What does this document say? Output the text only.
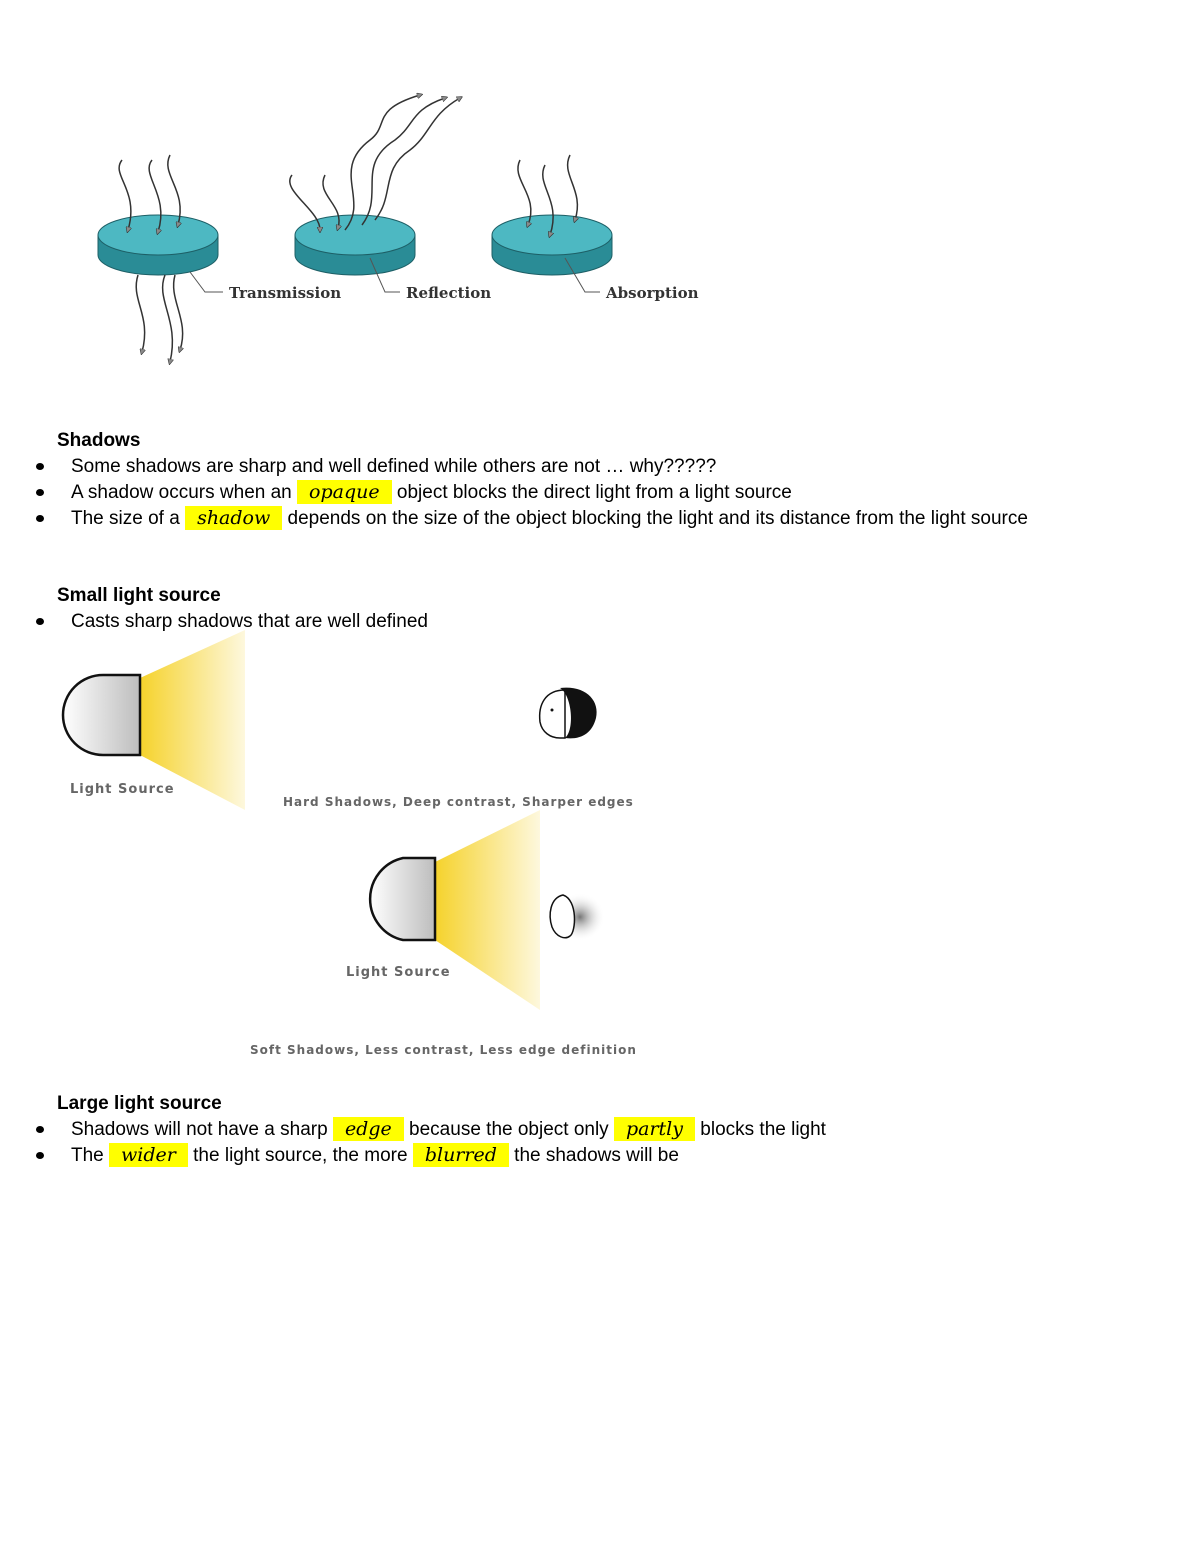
Transmission	Reflection	Absorption
Shadows
Some shadows are sharp and well defined while others are not … why?????
A shadow occurs when an opaque object blocks the direct light from a light source
The size of a shadow depends on the size of the object blocking the light and its distance from the light source
Small light source
Casts sharp shadows that are well defined
Light Source
Hard Shadows, Deep contrast, Sharper edges
Light Source
Soft Shadows, Less contrast, Less edge definition
Large light source
Shadows will not have a sharp edge because the object only partly blocks the light
The wider the light source, the more blurred the shadows will be
